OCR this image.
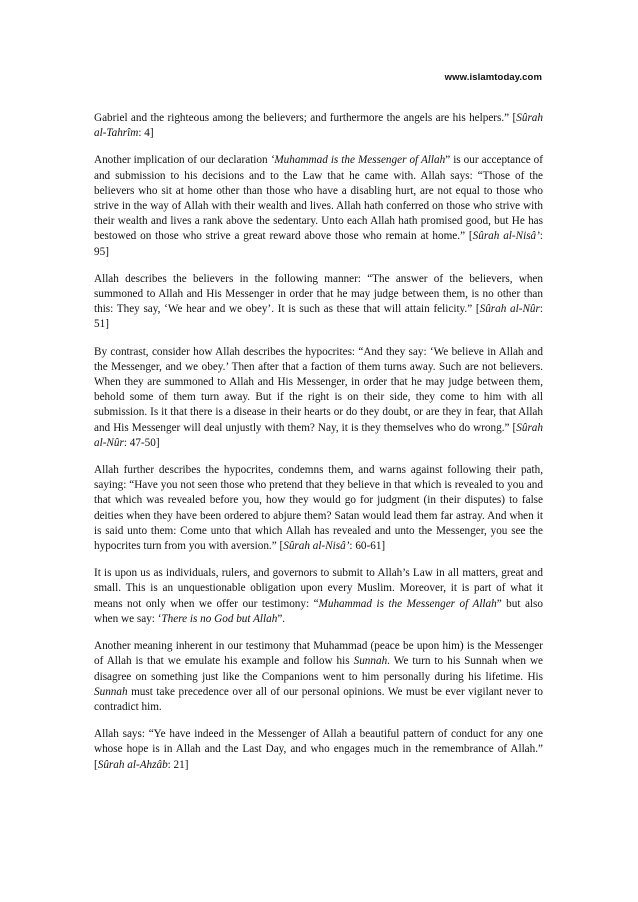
www.islamtoday.com

Gabriel and the righteous among the believers; and furthermore the angels are his helpers.” [Sûrah al-Tahrîm: 4]

Another implication of our declaration ‘Muhammad is the Messenger of Allah” is our acceptance of and submission to his decisions and to the Law that he came with. Allah says: “Those of the believers who sit at home other than those who have a disabling hurt, are not equal to those who strive in the way of Allah with their wealth and lives. Allah hath conferred on those who strive with their wealth and lives a rank above the sedentary. Unto each Allah hath promised good, but He has bestowed on those who strive a great reward above those who remain at home.” [Sûrah al-Nisâ’: 95]

Allah describes the believers in the following manner: “The answer of the believers, when summoned to Allah and His Messenger in order that he may judge between them, is no other than this: They say, ‘We hear and we obey’. It is such as these that will attain felicity.” [Sûrah al-Nûr: 51]

By contrast, consider how Allah describes the hypocrites: “And they say: ‘We believe in Allah and the Messenger, and we obey.’ Then after that a faction of them turns away. Such are not believers. When they are summoned to Allah and His Messenger, in order that he may judge between them, behold some of them turn away. But if the right is on their side, they come to him with all submission. Is it that there is a disease in their hearts or do they doubt, or are they in fear, that Allah and His Messenger will deal unjustly with them? Nay, it is they themselves who do wrong.” [Sûrah al-Nûr: 47-50]

Allah further describes the hypocrites, condemns them, and warns against following their path, saying: “Have you not seen those who pretend that they believe in that which is revealed to you and that which was revealed before you, how they would go for judgment (in their disputes) to false deities when they have been ordered to abjure them? Satan would lead them far astray. And when it is said unto them: Come unto that which Allah has revealed and unto the Messenger, you see the hypocrites turn from you with aversion.” [Sûrah al-Nisâ’: 60-61]

It is upon us as individuals, rulers, and governors to submit to Allah’s Law in all matters, great and small. This is an unquestionable obligation upon every Muslim. Moreover, it is part of what it means not only when we offer our testimony: “Muhammad is the Messenger of Allah” but also when we say: ‘There is no God but Allah”.

Another meaning inherent in our testimony that Muhammad (peace be upon him) is the Messenger of Allah is that we emulate his example and follow his Sunnah. We turn to his Sunnah when we disagree on something just like the Companions went to him personally during his lifetime. His Sunnah must take precedence over all of our personal opinions. We must be ever vigilant never to contradict him.

Allah says: “Ye have indeed in the Messenger of Allah a beautiful pattern of conduct for any one whose hope is in Allah and the Last Day, and who engages much in the remembrance of Allah.” [Sûrah al-Ahzâb: 21]
